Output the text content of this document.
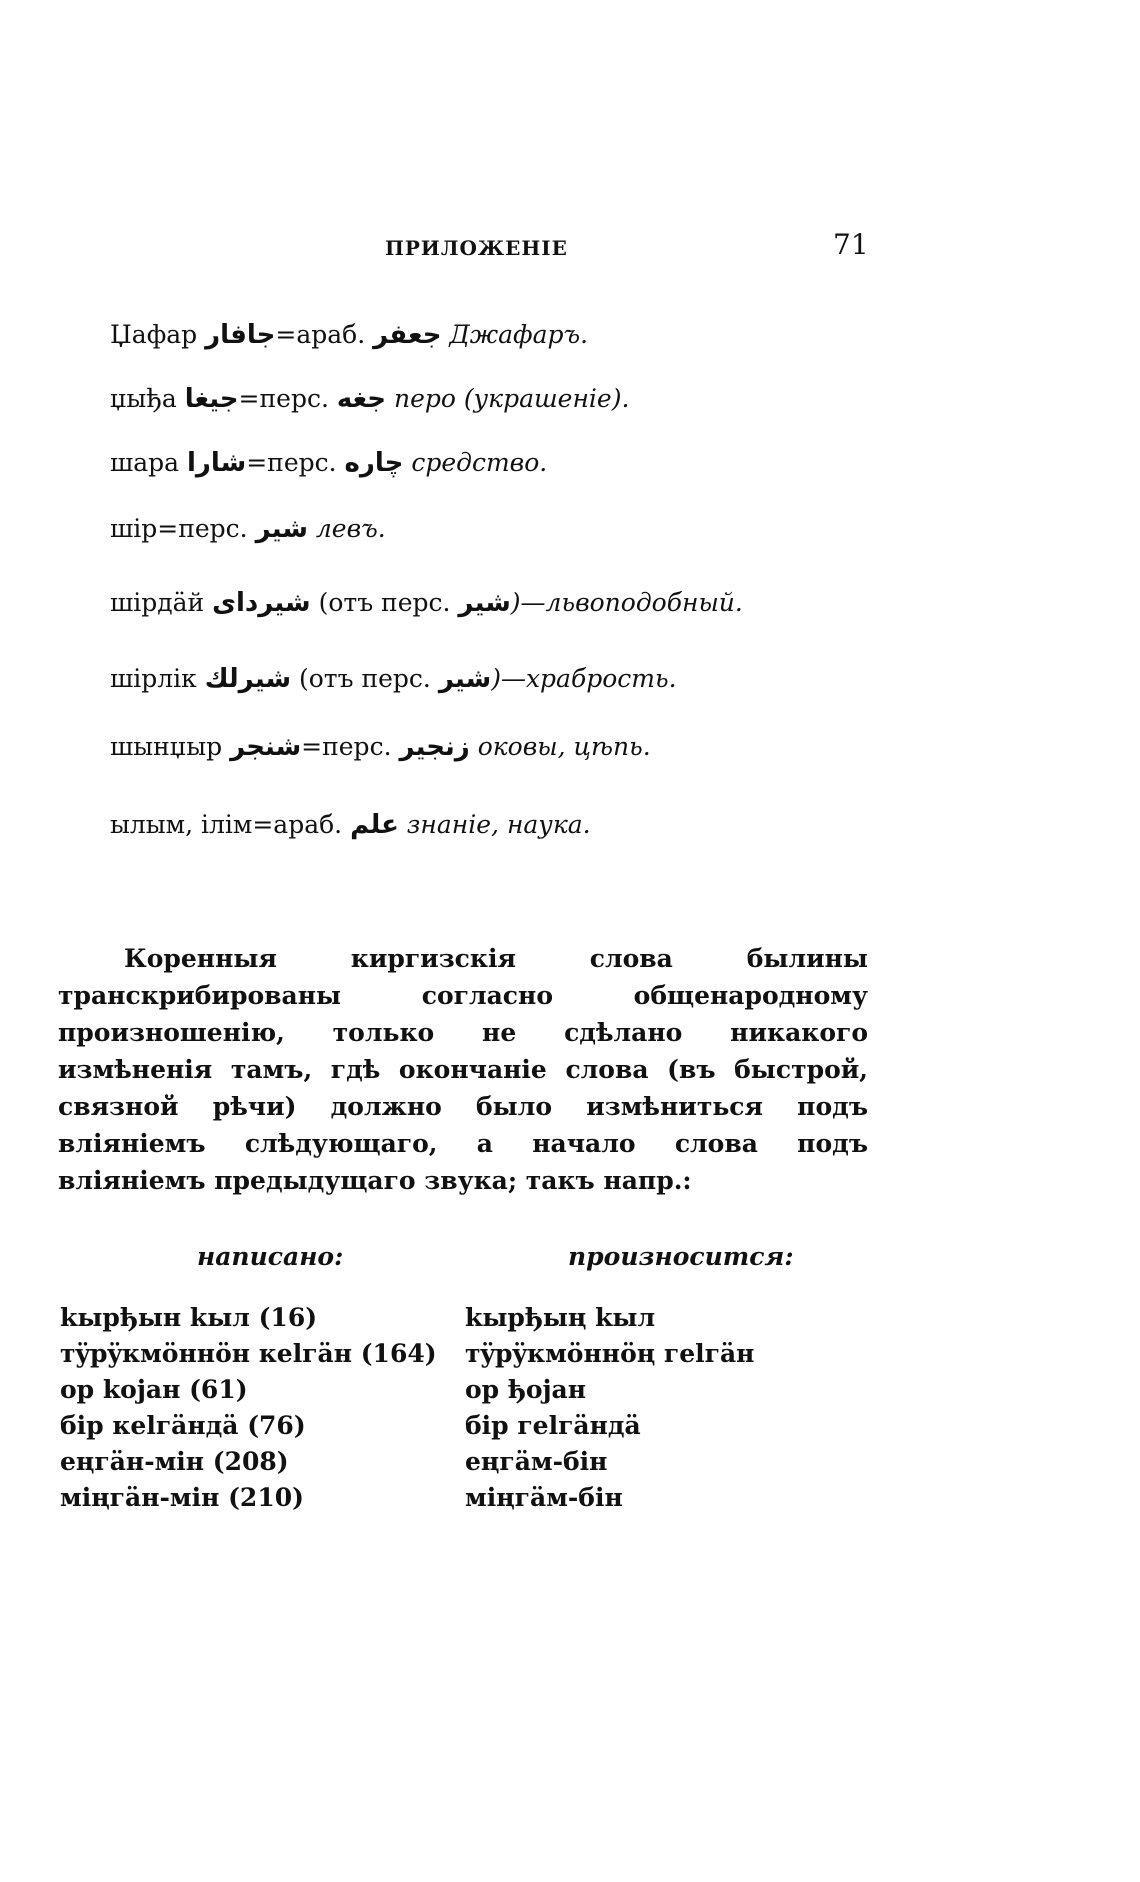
ПРИЛОЖЕНІЕ	71
Џафар جافار=араб. جعفر Джафаръ.
џыђа جيغا=перс. جغه перо (украшеніе).
шара شارا=перс. چاره средство.
шір=перс. شير левъ.
шірдäй شيرداى (отъ перс. شير)—львоподобный.
шірлік شيرلك (отъ перс. شير)—храбрость.
шынџыр شنجر=перс. زنجير оковы, цѣпь.
ылым, ілім=араб. علم знаніе, наука.
Коренныя киргизскія слова былины транскрибированы согласно общенародному произношенію, только не сдѣлано никакого измѣненія тамъ, гдѣ окончаніе слова (въ быстрой, связной рѣчи) должно было измѣниться подъ вліяніемъ слѣдующаго, а начало слова подъ вліяніемъ предыдущаго звука; такъ напр.:
написано:	произносится:
kырђын kыл (16)
тÿрÿкмöннöн кеlгäн (164)
ор kојан (61)
біp кеlгäндä (76)
еңгäн-мін (208)
міңгäн-мін (210)
kырђың kыл
тÿрÿкмöннöң геlгäн
ор ђојан
біp геlгäндä
еңгäм-бін
міңгäм-бін
